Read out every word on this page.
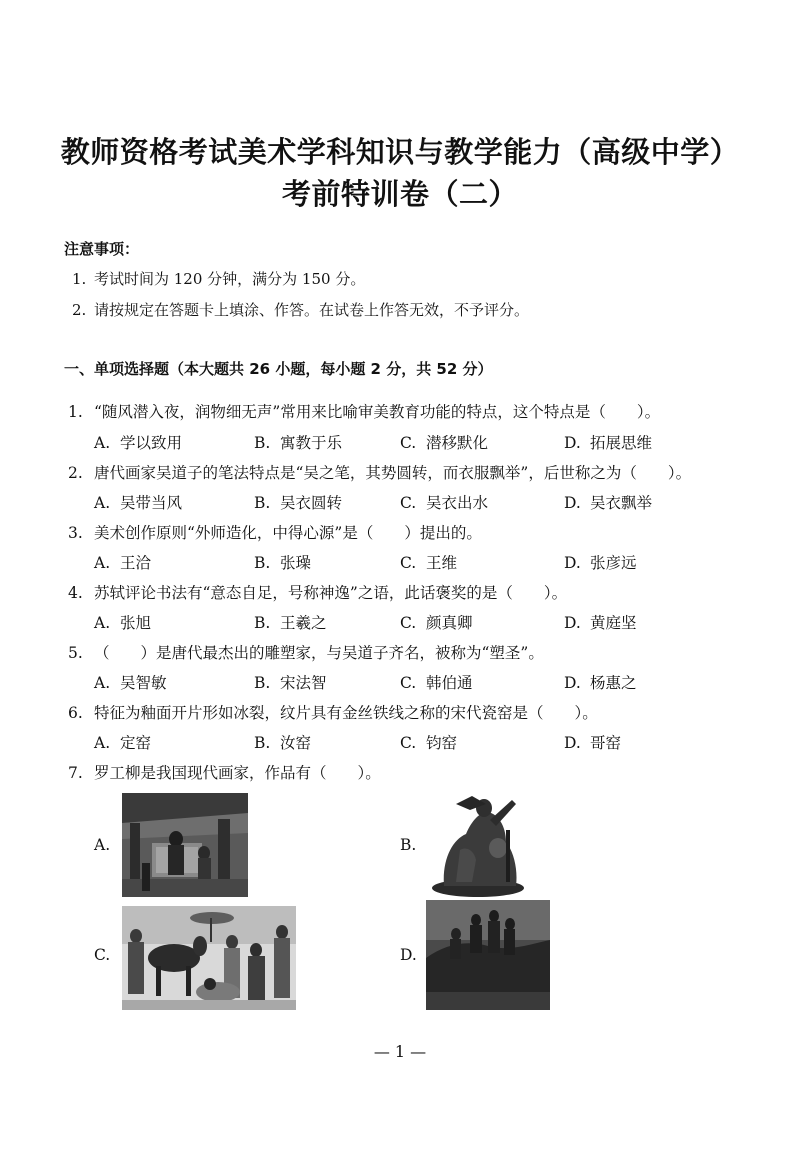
教师资格考试美术学科知识与教学能力（高级中学）
考前特训卷（二）
注意事项：
1. 考试时间为 120 分钟，满分为 150 分。
2. 请按规定在答题卡上填涂、作答。在试卷上作答无效，不予评分。
一、单项选择题（本大题共 26 小题，每小题 2 分，共 52 分）
1. “随风潜入夜，润物细无声”常用来比喻审美教育功能的特点，这个特点是（　　）。
A. 学以致用	B. 寓教于乐	C. 潜移默化	D. 拓展思维
2. 唐代画家吴道子的笔法特点是“吴之笔，其势圆转，而衣服飘举”，后世称之为（　　）。
A. 吴带当风	B. 吴衣圆转	C. 吴衣出水	D. 吴衣飘举
3. 美术创作原则“外师造化，中得心源”是（　　）提出的。
A. 王洽	B. 张璪	C. 王维	D. 张彦远
4. 苏轼评论书法有“意态自足，号称神逸”之语，此话褒奖的是（　　）。
A. 张旭	B. 王羲之	C. 颜真卿	D. 黄庭坚
5. （　　）是唐代最杰出的雕塑家，与吴道子齐名，被称为“塑圣”。
A. 吴智敏	B. 宋法智	C. 韩伯通	D. 杨惠之
6. 特征为釉面开片形如冰裂，纹片具有金丝铁线之称的宋代瓷窑是（　　）。
A. 定窑	B. 汝窑	C. 钧窑	D. 哥窑
7. 罗工柳是我国现代画家，作品有（　　）。
A.	B.
C.	D.
— 1 —
